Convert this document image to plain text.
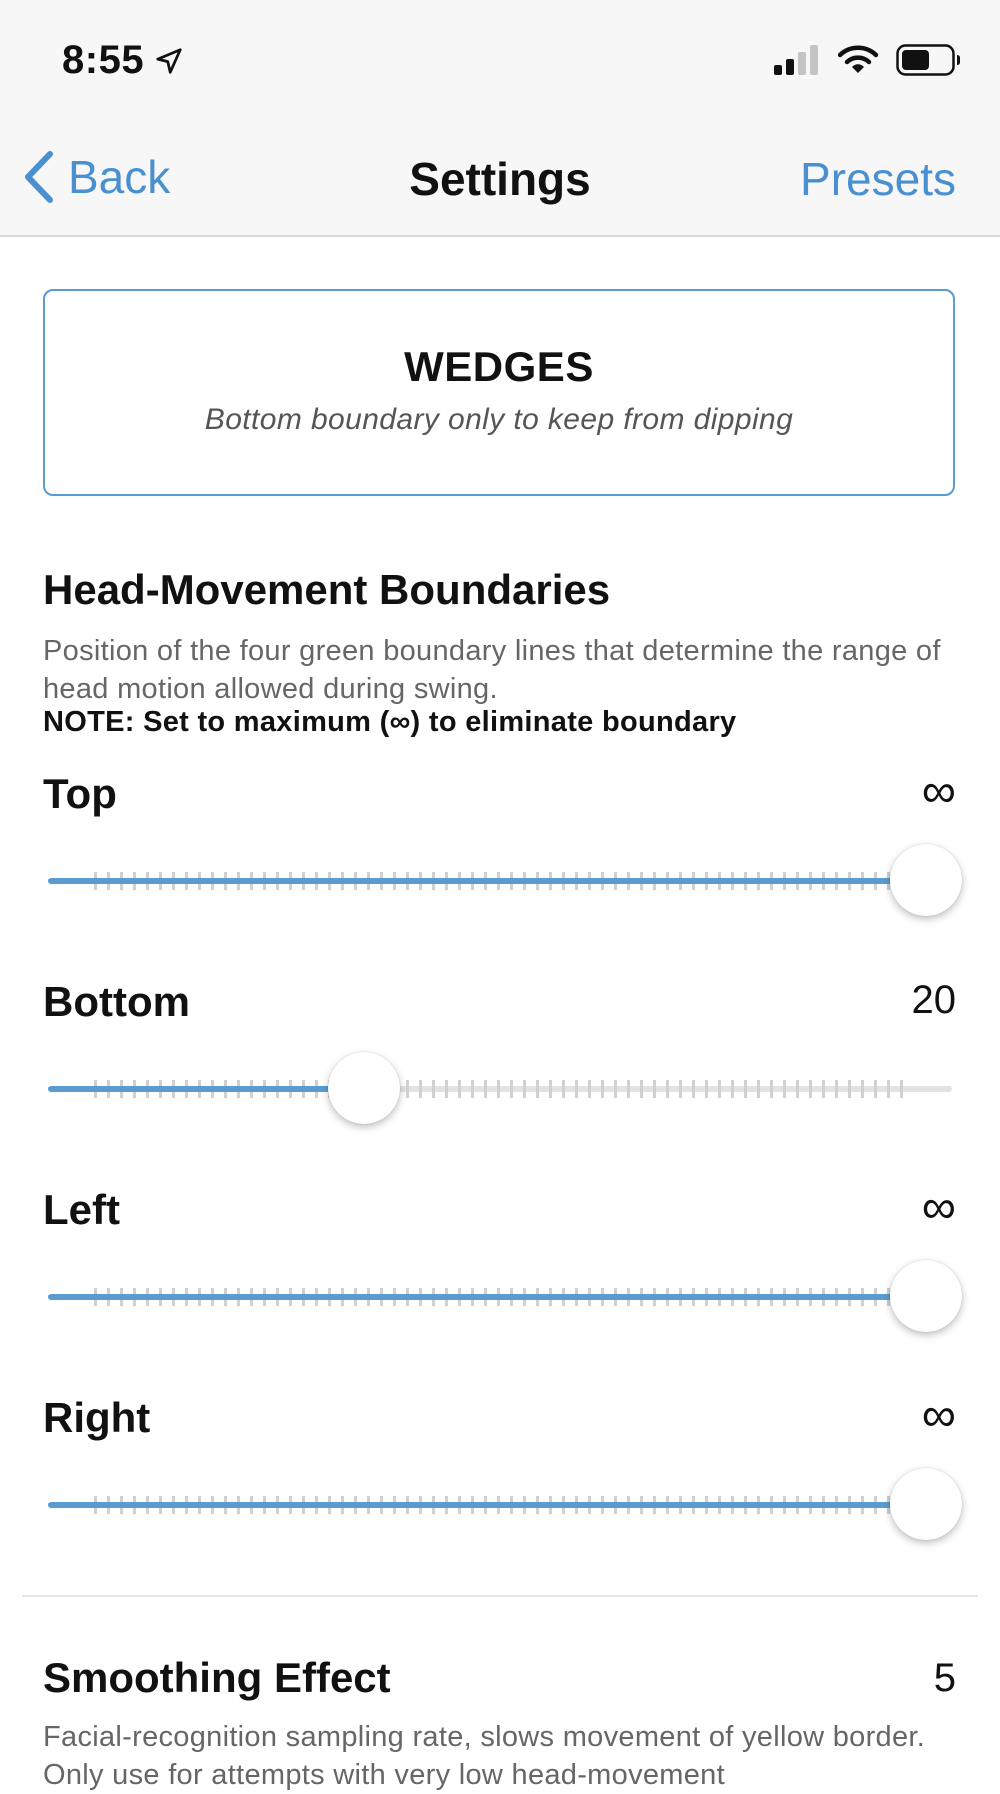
8:55
Back	Settings	Presets
WEDGES
Bottom boundary only to keep from dipping
Head-Movement Boundaries
Position of the four green boundary lines that determine the range of head motion allowed during swing.
NOTE: Set to maximum (∞) to eliminate boundary
Top	∞
Bottom	20
Left	∞
Right	∞
Smoothing Effect	5
Facial-recognition sampling rate, slows movement of yellow border. Only use for attempts with very low head-movement
